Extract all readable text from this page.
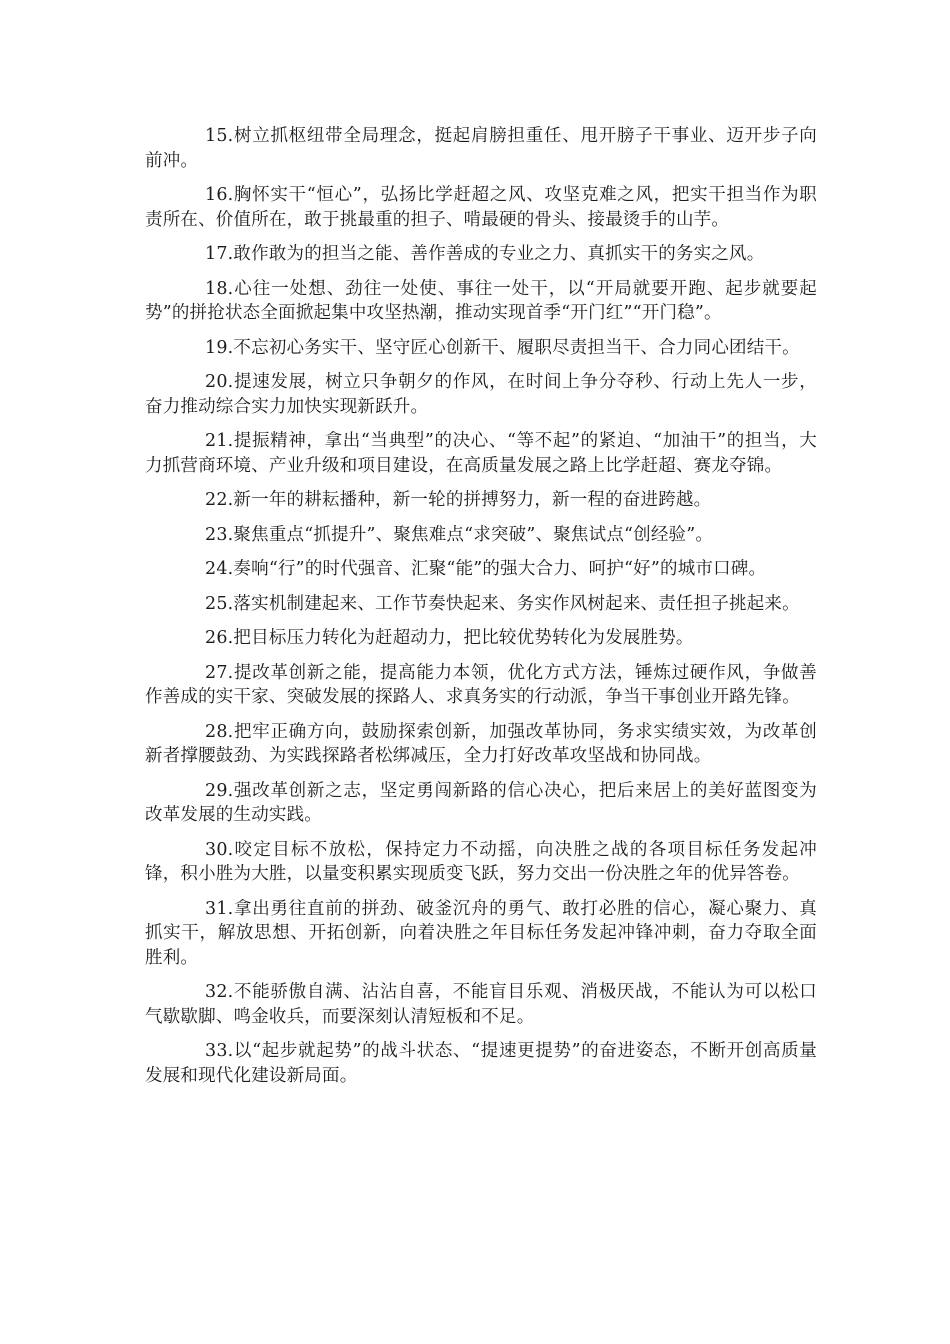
15.树立抓枢纽带全局理念，挺起肩膀担重任、甩开膀子干事业、迈开步子向前冲。

16.胸怀实干“恒心”，弘扬比学赶超之风、攻坚克难之风，把实干担当作为职责所在、价值所在，敢于挑最重的担子、啃最硬的骨头、接最烫手的山芋。

17.敢作敢为的担当之能、善作善成的专业之力、真抓实干的务实之风。

18.心往一处想、劲往一处使、事往一处干，以“开局就要开跑、起步就要起势”的拼抢状态全面掀起集中攻坚热潮，推动实现首季“开门红”“开门稳”。

19.不忘初心务实干、坚守匠心创新干、履职尽责担当干、合力同心团结干。

20.提速发展，树立只争朝夕的作风，在时间上争分夺秒、行动上先人一步，奋力推动综合实力加快实现新跃升。

21.提振精神，拿出“当典型”的决心、“等不起”的紧迫、“加油干”的担当，大力抓营商环境、产业升级和项目建设，在高质量发展之路上比学赶超、赛龙夺锦。

22.新一年的耕耘播种，新一轮的拼搏努力，新一程的奋进跨越。

23.聚焦重点“抓提升”、聚焦难点“求突破”、聚焦试点“创经验”。

24.奏响“行”的时代强音、汇聚“能”的强大合力、呵护“好”的城市口碑。

25.落实机制建起来、工作节奏快起来、务实作风树起来、责任担子挑起来。

26.把目标压力转化为赶超动力，把比较优势转化为发展胜势。

27.提改革创新之能，提高能力本领，优化方式方法，锤炼过硬作风，争做善作善成的实干家、突破发展的探路人、求真务实的行动派，争当干事创业开路先锋。

28.把牢正确方向，鼓励探索创新，加强改革协同，务求实绩实效，为改革创新者撑腰鼓劲、为实践探路者松绑减压，全力打好改革攻坚战和协同战。

29.强改革创新之志，坚定勇闯新路的信心决心，把后来居上的美好蓝图变为改革发展的生动实践。

30.咬定目标不放松，保持定力不动摇，向决胜之战的各项目标任务发起冲锋，积小胜为大胜，以量变积累实现质变飞跃，努力交出一份决胜之年的优异答卷。

31.拿出勇往直前的拼劲、破釜沉舟的勇气、敢打必胜的信心，凝心聚力、真抓实干，解放思想、开拓创新，向着决胜之年目标任务发起冲锋冲刺，奋力夺取全面胜利。

32.不能骄傲自满、沾沾自喜，不能盲目乐观、消极厌战，不能认为可以松口气歇歇脚、鸣金收兵，而要深刻认清短板和不足。

33.以“起步就起势”的战斗状态、“提速更提势”的奋进姿态，不断开创高质量发展和现代化建设新局面。
